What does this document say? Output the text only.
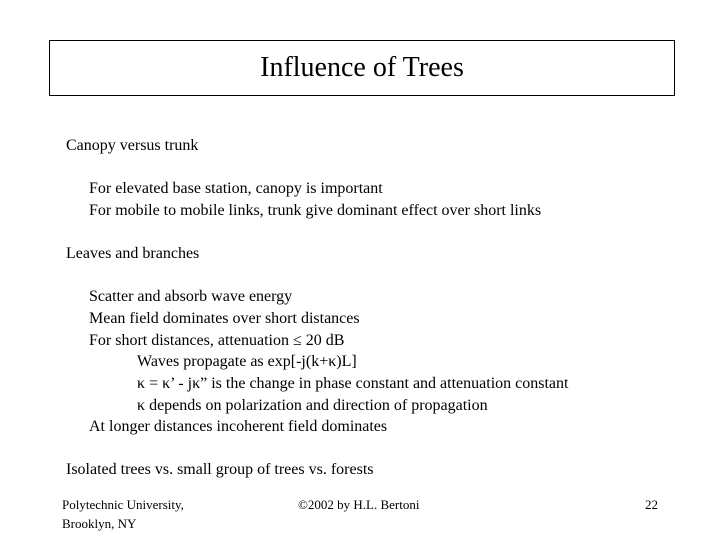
Influence of Trees
Canopy versus trunk
For elevated base station, canopy is important
For mobile to mobile links, trunk give dominant effect over short links
Leaves and branches
Scatter and absorb wave energy
Mean field dominates over short distances
For short distances, attenuation ≤ 20 dB
Waves propagate as exp[-j(k+κ)L]
κ = κ’ - jκ” is the change in phase constant and attenuation constant
κ depends on polarization and direction of propagation
At longer distances incoherent field dominates
Isolated trees vs. small group of trees vs. forests
Polytechnic University,
Brooklyn, NY
©2002 by H.L. Bertoni	22
